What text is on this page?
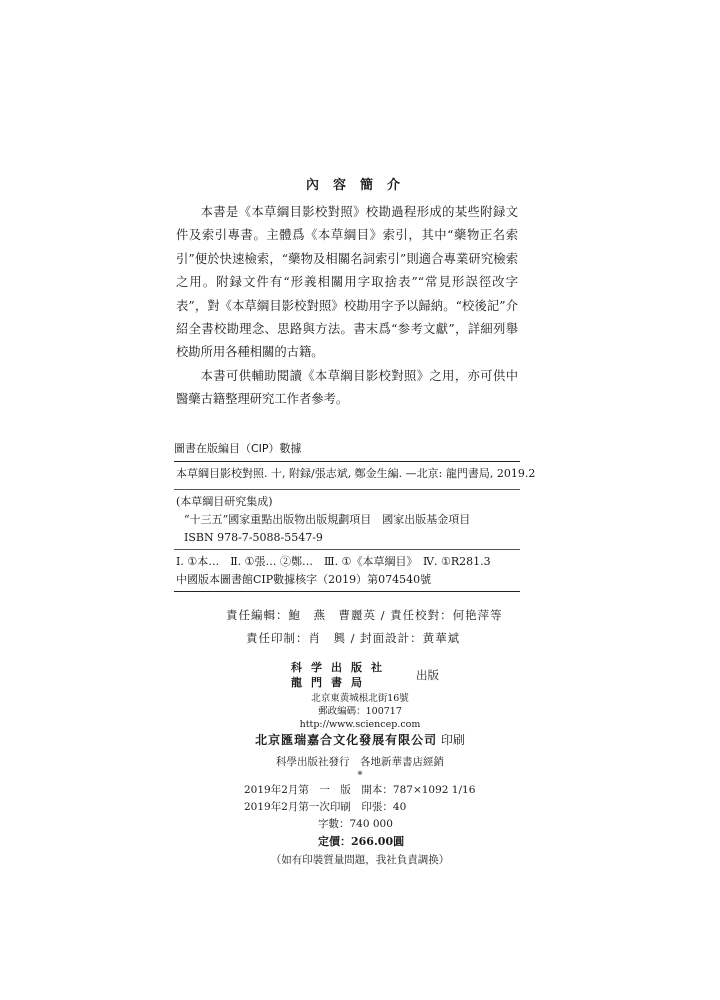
內容簡介

本書是《本草綱目影校對照》校勘過程形成的某些附録文件及索引專書。主體爲《本草綱目》索引，其中“藥物正名索引”便於快速檢索，“藥物及相關名詞索引”則適合專業研究檢索之用。附録文件有“形義相關用字取捨表”“常見形誤徑改字表”，對《本草綱目影校對照》校勘用字予以歸納。“校後記”介紹全書校勘理念、思路與方法。書末爲“参考文獻”，詳細列舉校勘所用各種相關的古籍。

本書可供輔助閱讀《本草綱目影校對照》之用，亦可供中醫藥古籍整理研究工作者參考。

圖書在版編目（CIP）數據
本草綱目影校對照. 十, 附録/張志斌, 鄭金生編. —北京: 龍門書局, 2019.2
(本草綱目研究集成)
“十三五”國家重點出版物出版規劃項目　國家出版基金項目
ISBN 978-7-5088-5547-9
Ⅰ. ①本…　Ⅱ. ①張… ②鄭…　Ⅲ. ①《本草綱目》　Ⅳ. ①R281.3
中國版本圖書館CIP數據核字（2019）第074540號
責任編輯：鮑　燕　曹麗英 / 責任校對：何艳萍等
責任印制：肖　興 / 封面設計：黄華斌
科学出版社
龍門書局
出版
北京東黄城根北街16號
郵政編碼：100717
http://www.sciencep.com
北京匯瑞嘉合文化發展有限公司 印刷
科學出版社發行　各地新華書店經銷
*
2019年2月第　一　版　開本：787×1092 1/16
2019年2月第一次印刷　印張：40
字數：740 000
定價：266.00圓
（如有印裝質量問題，我社負責調换）
